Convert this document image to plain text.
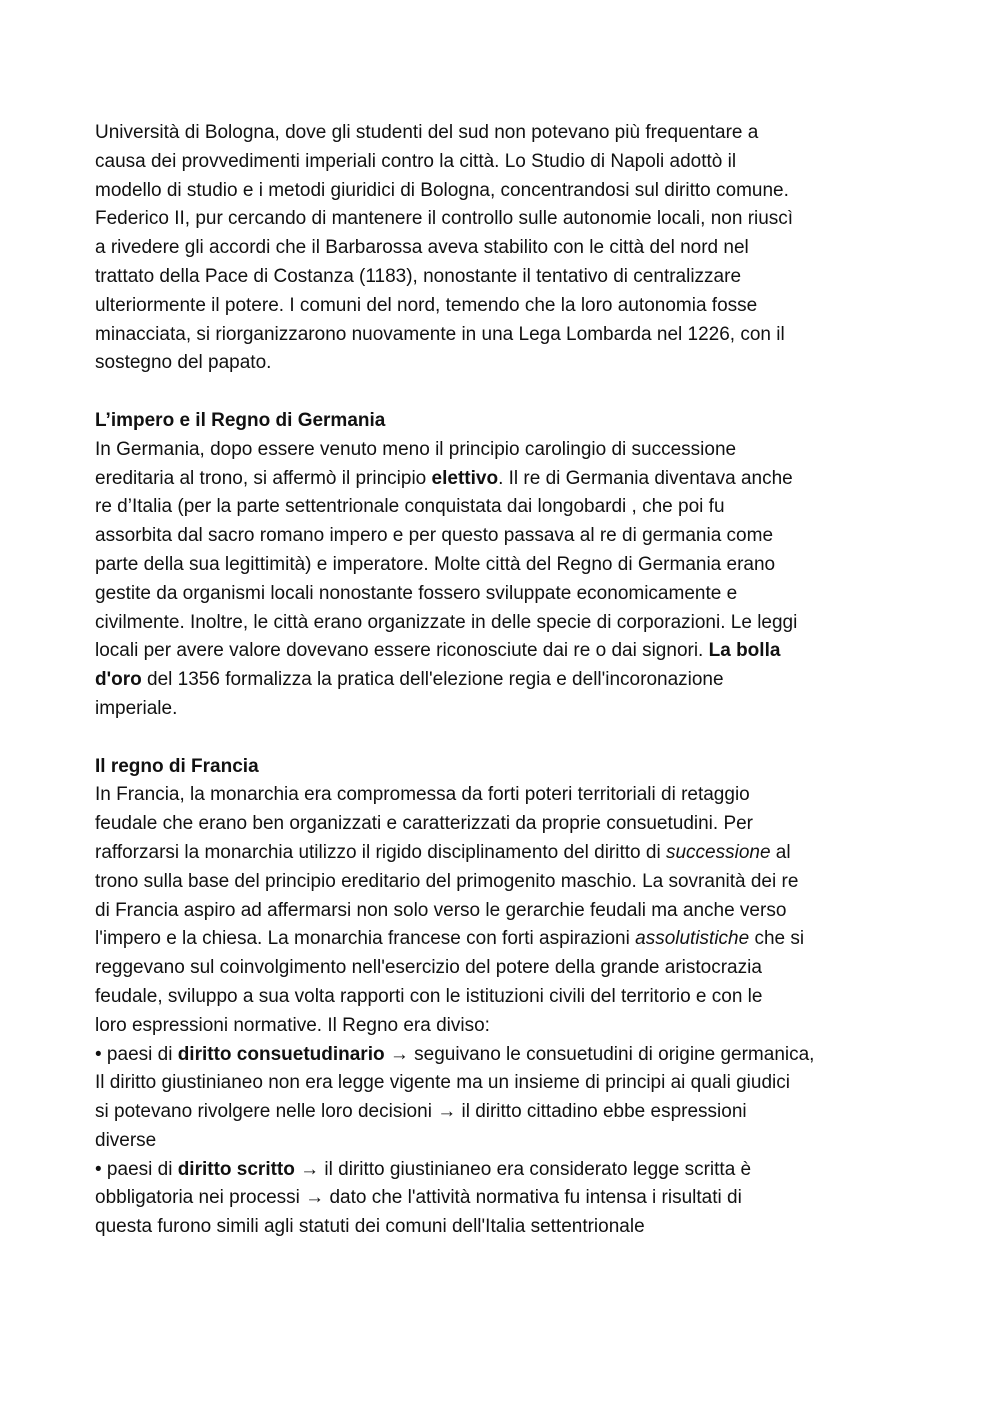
Università di Bologna, dove gli studenti del sud non potevano più frequentare a
causa dei provvedimenti imperiali contro la città. Lo Studio di Napoli adottò il
modello di studio e i metodi giuridici di Bologna, concentrandosi sul diritto comune.
Federico II, pur cercando di mantenere il controllo sulle autonomie locali, non riuscì
a rivedere gli accordi che il Barbarossa aveva stabilito con le città del nord nel
trattato della Pace di Costanza (1183), nonostante il tentativo di centralizzare
ulteriormente il potere. I comuni del nord, temendo che la loro autonomia fosse
minacciata, si riorganizzarono nuovamente in una Lega Lombarda nel 1226, con il
sostegno del papato.
L’impero e il Regno di Germania
In Germania, dopo essere venuto meno il principio carolingio di successione
ereditaria al trono, si affermò il principio elettivo. Il re di Germania diventava anche
re d’Italia (per la parte settentrionale conquistata dai longobardi , che poi fu
assorbita dal sacro romano impero e per questo passava al re di germania come
parte della sua legittimità) e imperatore. Molte città del Regno di Germania erano
gestite da organismi locali nonostante fossero sviluppate economicamente e
civilmente. Inoltre, le città erano organizzate in delle specie di corporazioni. Le leggi
locali per avere valore dovevano essere riconosciute dai re o dai signori. La bolla
d'oro del 1356 formalizza la pratica dell'elezione regia e dell'incoronazione
imperiale.
Il regno di Francia
In Francia, la monarchia era compromessa da forti poteri territoriali di retaggio
feudale che erano ben organizzati e caratterizzati da proprie consuetudini. Per
rafforzarsi la monarchia utilizzo il rigido disciplinamento del diritto di successione al
trono sulla base del principio ereditario del primogenito maschio. La sovranità dei re
di Francia aspiro ad affermarsi non solo verso le gerarchie feudali ma anche verso
l'impero e la chiesa. La monarchia francese con forti aspirazioni assolutistiche che si
reggevano sul coinvolgimento nell'esercizio del potere della grande aristocrazia
feudale, sviluppo a sua volta rapporti con le istituzioni civili del territorio e con le
loro espressioni normative. Il Regno era diviso:
• paesi di diritto consuetudinario → seguivano le consuetudini di origine germanica,
Il diritto giustinianeo non era legge vigente ma un insieme di principi ai quali giudici
si potevano rivolgere nelle loro decisioni → il diritto cittadino ebbe espressioni
diverse
• paesi di diritto scritto → il diritto giustinianeo era considerato legge scritta è
obbligatoria nei processi → dato che l'attività normativa fu intensa i risultati di
questa furono simili agli statuti dei comuni dell'Italia settentrionale
